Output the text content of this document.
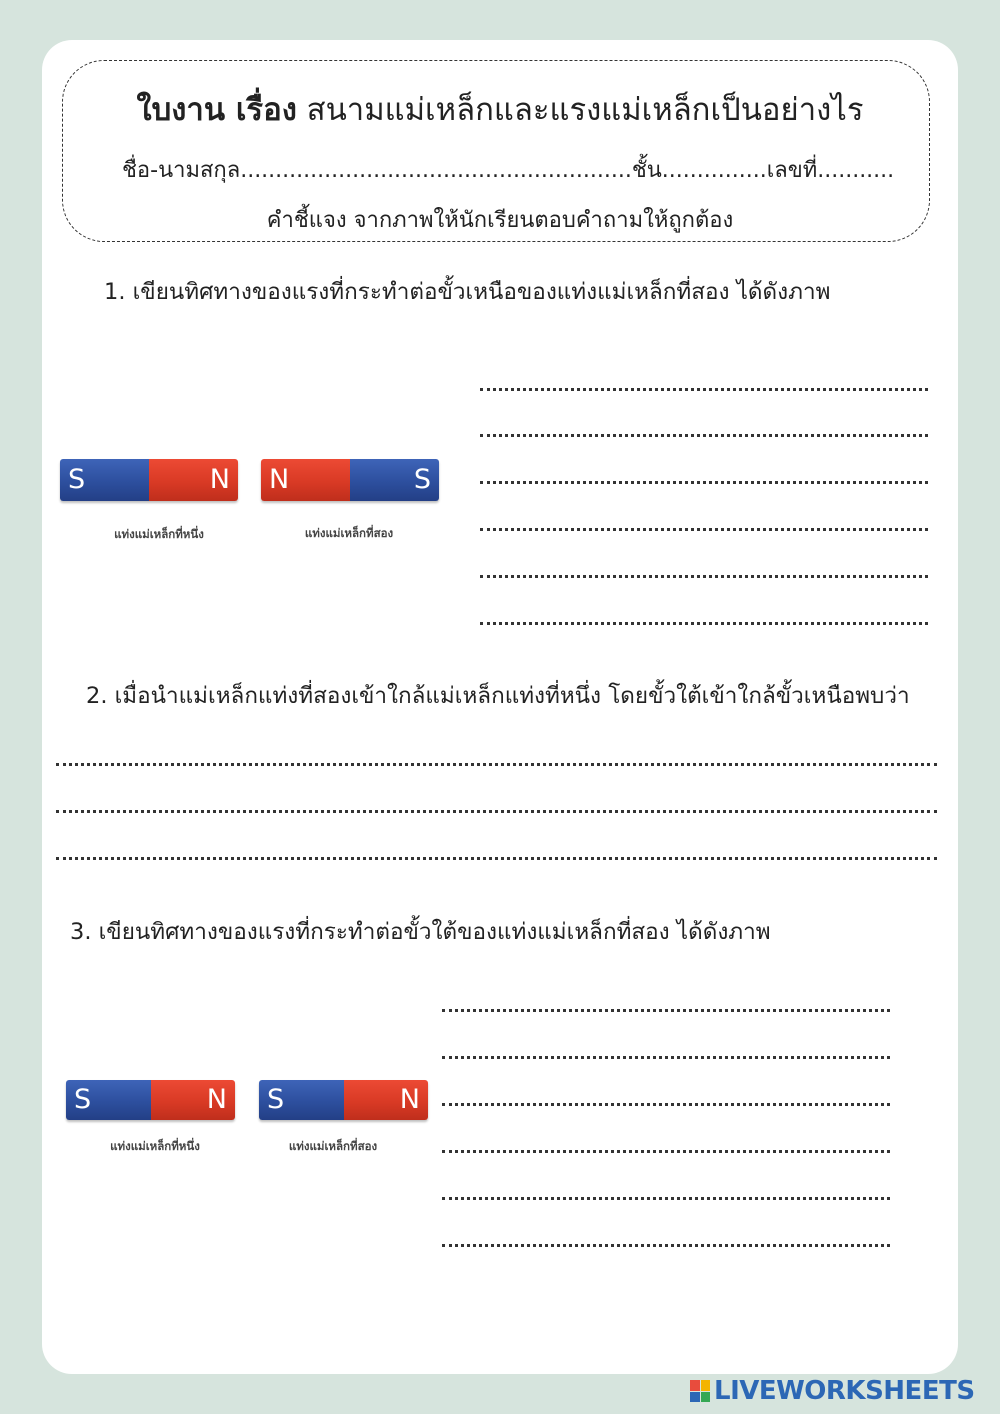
ใบงาน เรื่อง สนามแม่เหล็กและแรงแม่เหล็กเป็นอย่างไร
ชื่อ-นามสกุล........................................................ชั้น...............เลขที่...........
คำชี้แจง จากภาพให้นักเรียนตอบคำถามให้ถูกต้อง
1. เขียนทิศทางของแรงที่กระทำต่อขั้วเหนือของแท่งแม่เหล็กที่สอง ได้ดังภาพ
S	N
แท่งแม่เหล็กที่หนึ่ง
N	S
แท่งแม่เหล็กที่สอง
2. เมื่อนำแม่เหล็กแท่งที่สองเข้าใกล้แม่เหล็กแท่งที่หนึ่ง โดยขั้วใต้เข้าใกล้ขั้วเหนือพบว่า
3. เขียนทิศทางของแรงที่กระทำต่อขั้วใต้ของแท่งแม่เหล็กที่สอง ได้ดังภาพ
S	N
แท่งแม่เหล็กที่หนึ่ง
S	N
แท่งแม่เหล็กที่สอง
LIVEWORKSHEETS
